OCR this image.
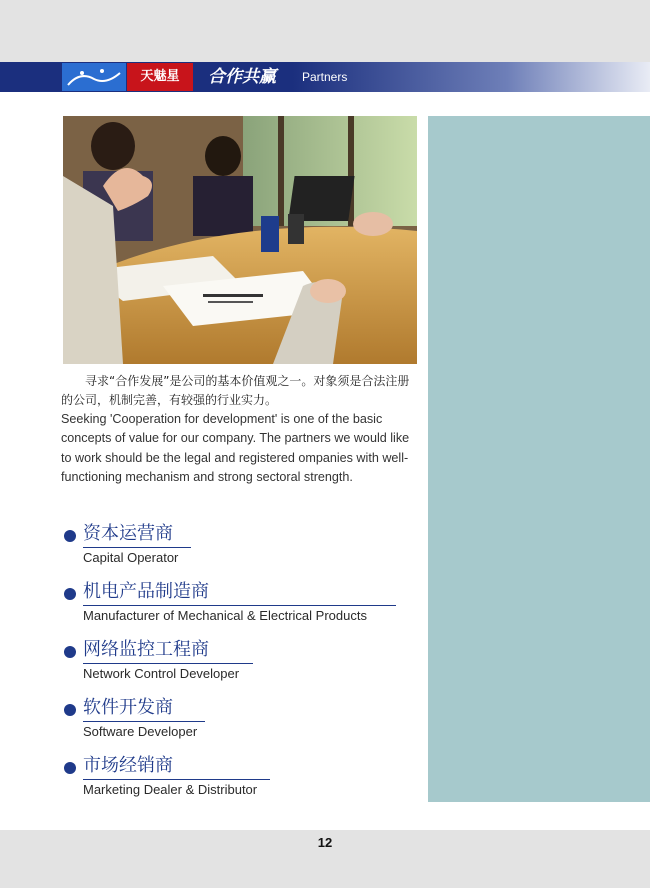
天魅星	合作共赢 Partners

寻求“合作发展”是公司的基本价值观之一。对象须是合法注册的公司，机制完善，有较强的行业实力。

Seeking 'Cooperation for development' is one of the basic concepts of value for our company. The partners we would like to work should be the legal and registered ompanies with well-functioning mechanism and strong sectoral strength.

资本运营商
Capital Operator
机电产品制造商
Manufacturer of Mechanical & Electrical Products
网络监控工程商
Network Control Developer
软件开发商
Software Developer
市场经销商
Marketing Dealer & Distributor
12
